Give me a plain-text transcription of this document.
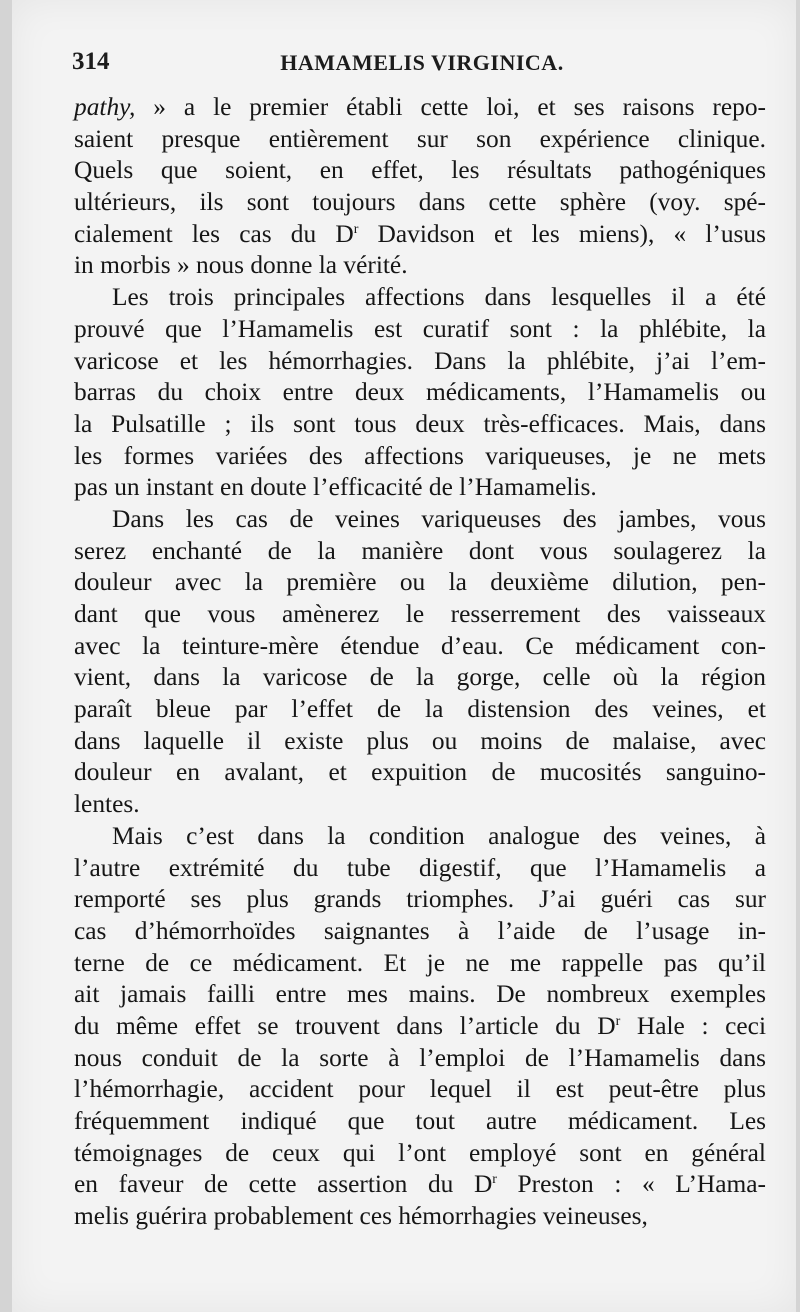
314	HAMAMELIS VIRGINICA.
pathy, » a le premier établi cette loi, et ses raisons repo-
saient presque entièrement sur son expérience clinique.
Quels que soient, en effet, les résultats pathogéniques
ultérieurs, ils sont toujours dans cette sphère (voy. spé-
cialement les cas du $D^r$ Davidson et les miens), « l’usus
in morbis » nous donne la vérité.
Les trois principales affections dans lesquelles il a été
prouvé que l’Hamamelis est curatif sont : la phlébite, la
varicose et les hémorrhagies. Dans la phlébite, j’ai l’em-
barras du choix entre deux médicaments, l’Hamamelis ou
la Pulsatille ; ils sont tous deux très-efficaces. Mais, dans
les formes variées des affections variqueuses, je ne mets
pas un instant en doute l’efficacité de l’Hamamelis.
Dans les cas de veines variqueuses des jambes, vous
serez enchanté de la manière dont vous soulagerez la
douleur avec la première ou la deuxième dilution, pen-
dant que vous amènerez le resserrement des vaisseaux
avec la teinture-mère étendue d’eau. Ce médicament con-
vient, dans la varicose de la gorge, celle où la région
paraît bleue par l’effet de la distension des veines, et
dans laquelle il existe plus ou moins de malaise, avec
douleur en avalant, et expuition de mucosités sanguino-
lentes.
Mais c’est dans la condition analogue des veines, à
l’autre extrémité du tube digestif, que l’Hamamelis a
remporté ses plus grands triomphes. J’ai guéri cas sur
cas d’hémorrhoïdes saignantes à l’aide de l’usage in-
terne de ce médicament. Et je ne me rappelle pas qu’il
ait jamais failli entre mes mains. De nombreux exemples
du même effet se trouvent dans l’article du $D^r$ Hale : ceci
nous conduit de la sorte à l’emploi de l’Hamamelis dans
l’hémorrhagie, accident pour lequel il est peut-être plus
fréquemment indiqué que tout autre médicament. Les
témoignages de ceux qui l’ont employé sont en général
en faveur de cette assertion du $D^r$ Preston : « L’Hama-
melis guérira probablement ces hémorrhagies veineuses,
